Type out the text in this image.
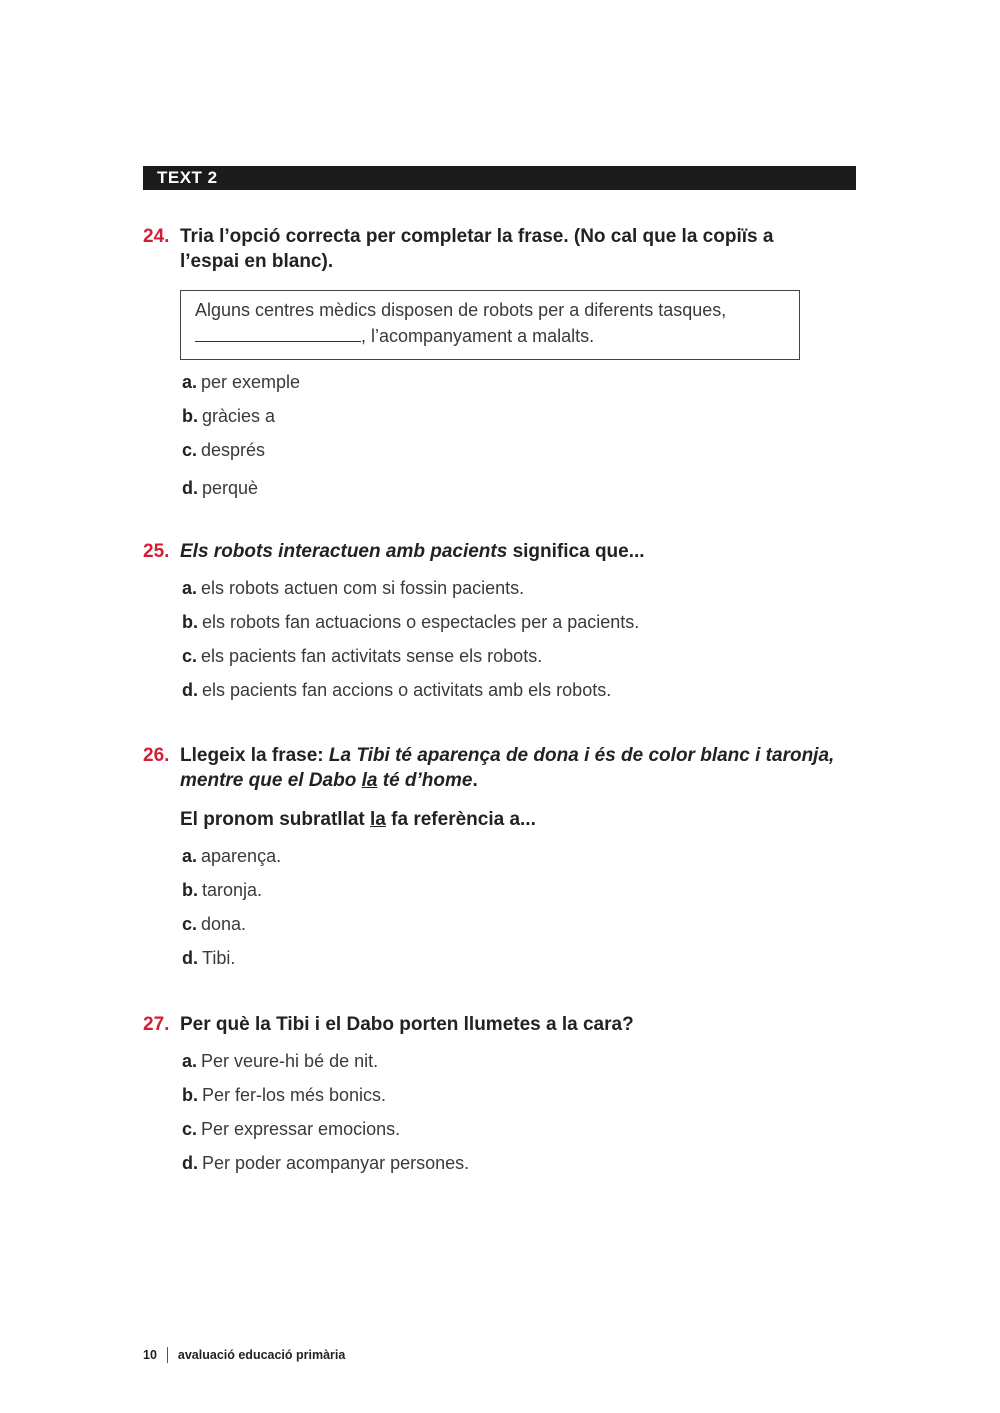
TEXT 2
24. Tria l’opció correcta per completar la frase. (No cal que la copiïs a l’espai en blanc).
Alguns centres mèdics disposen de robots per a diferents tasques,
, l’acompanyament a malalts.
a. per exemple
b. gràcies a
c. després
d. perquè
25. Els robots interactuen amb pacients significa que...
a. els robots actuen com si fossin pacients.
b. els robots fan actuacions o espectacles per a pacients.
c. els pacients fan activitats sense els robots.
d. els pacients fan accions o activitats amb els robots.
26. Llegeix la frase: La Tibi té aparença de dona i és de color blanc i taronja, mentre que el Dabo la té d’home.
El pronom subratllat la fa referència a...
a. aparença.
b. taronja.
c. dona.
d. Tibi.
27. Per què la Tibi i el Dabo porten llumetes a la cara?
a. Per veure-hi bé de nit.
b. Per fer-los més bonics.
c. Per expressar emocions.
d. Per poder acompanyar persones.
10 avaluació educació primària
